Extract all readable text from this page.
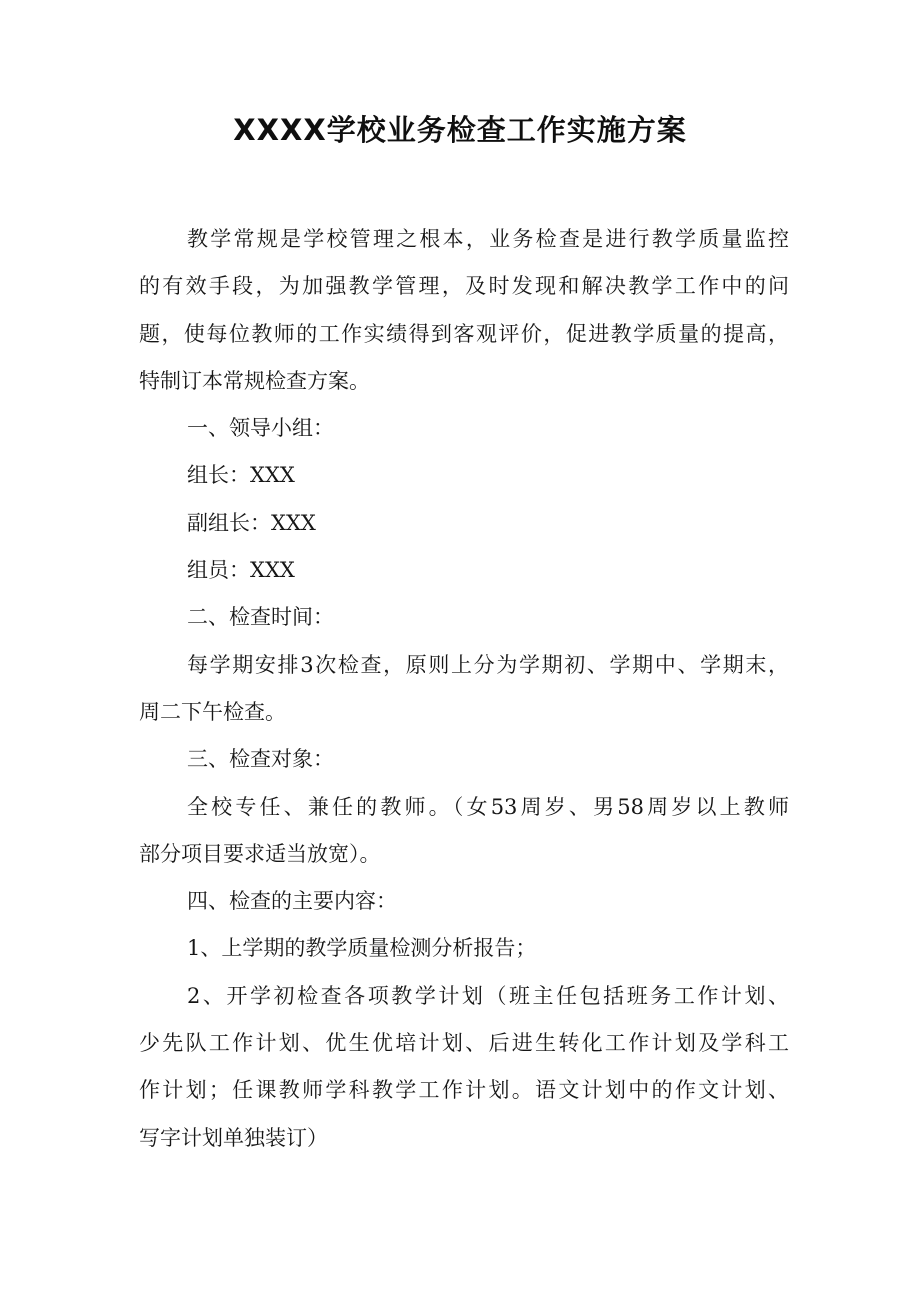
XXXX学校业务检查工作实施方案
教学常规是学校管理之根本，业务检查是进行教学质量监控
的有效手段，为加强教学管理，及时发现和解决教学工作中的问
题，使每位教师的工作实绩得到客观评价，促进教学质量的提高，
特制订本常规检查方案。
一、领导小组：
组长：XXX
副组长：XXX
组员：XXX
二、检查时间：
每学期安排3次检查，原则上分为学期初、学期中、学期末，
周二下午检查。
三、检查对象：
全校专任、兼任的教师。（女53周岁、男58周岁以上教师
部分项目要求适当放宽）。
四、检查的主要内容：
1、上学期的教学质量检测分析报告；
2、开学初检查各项教学计划（班主任包括班务工作计划、
少先队工作计划、优生优培计划、后进生转化工作计划及学科工
作计划；任课教师学科教学工作计划。语文计划中的作文计划、
写字计划单独装订）
